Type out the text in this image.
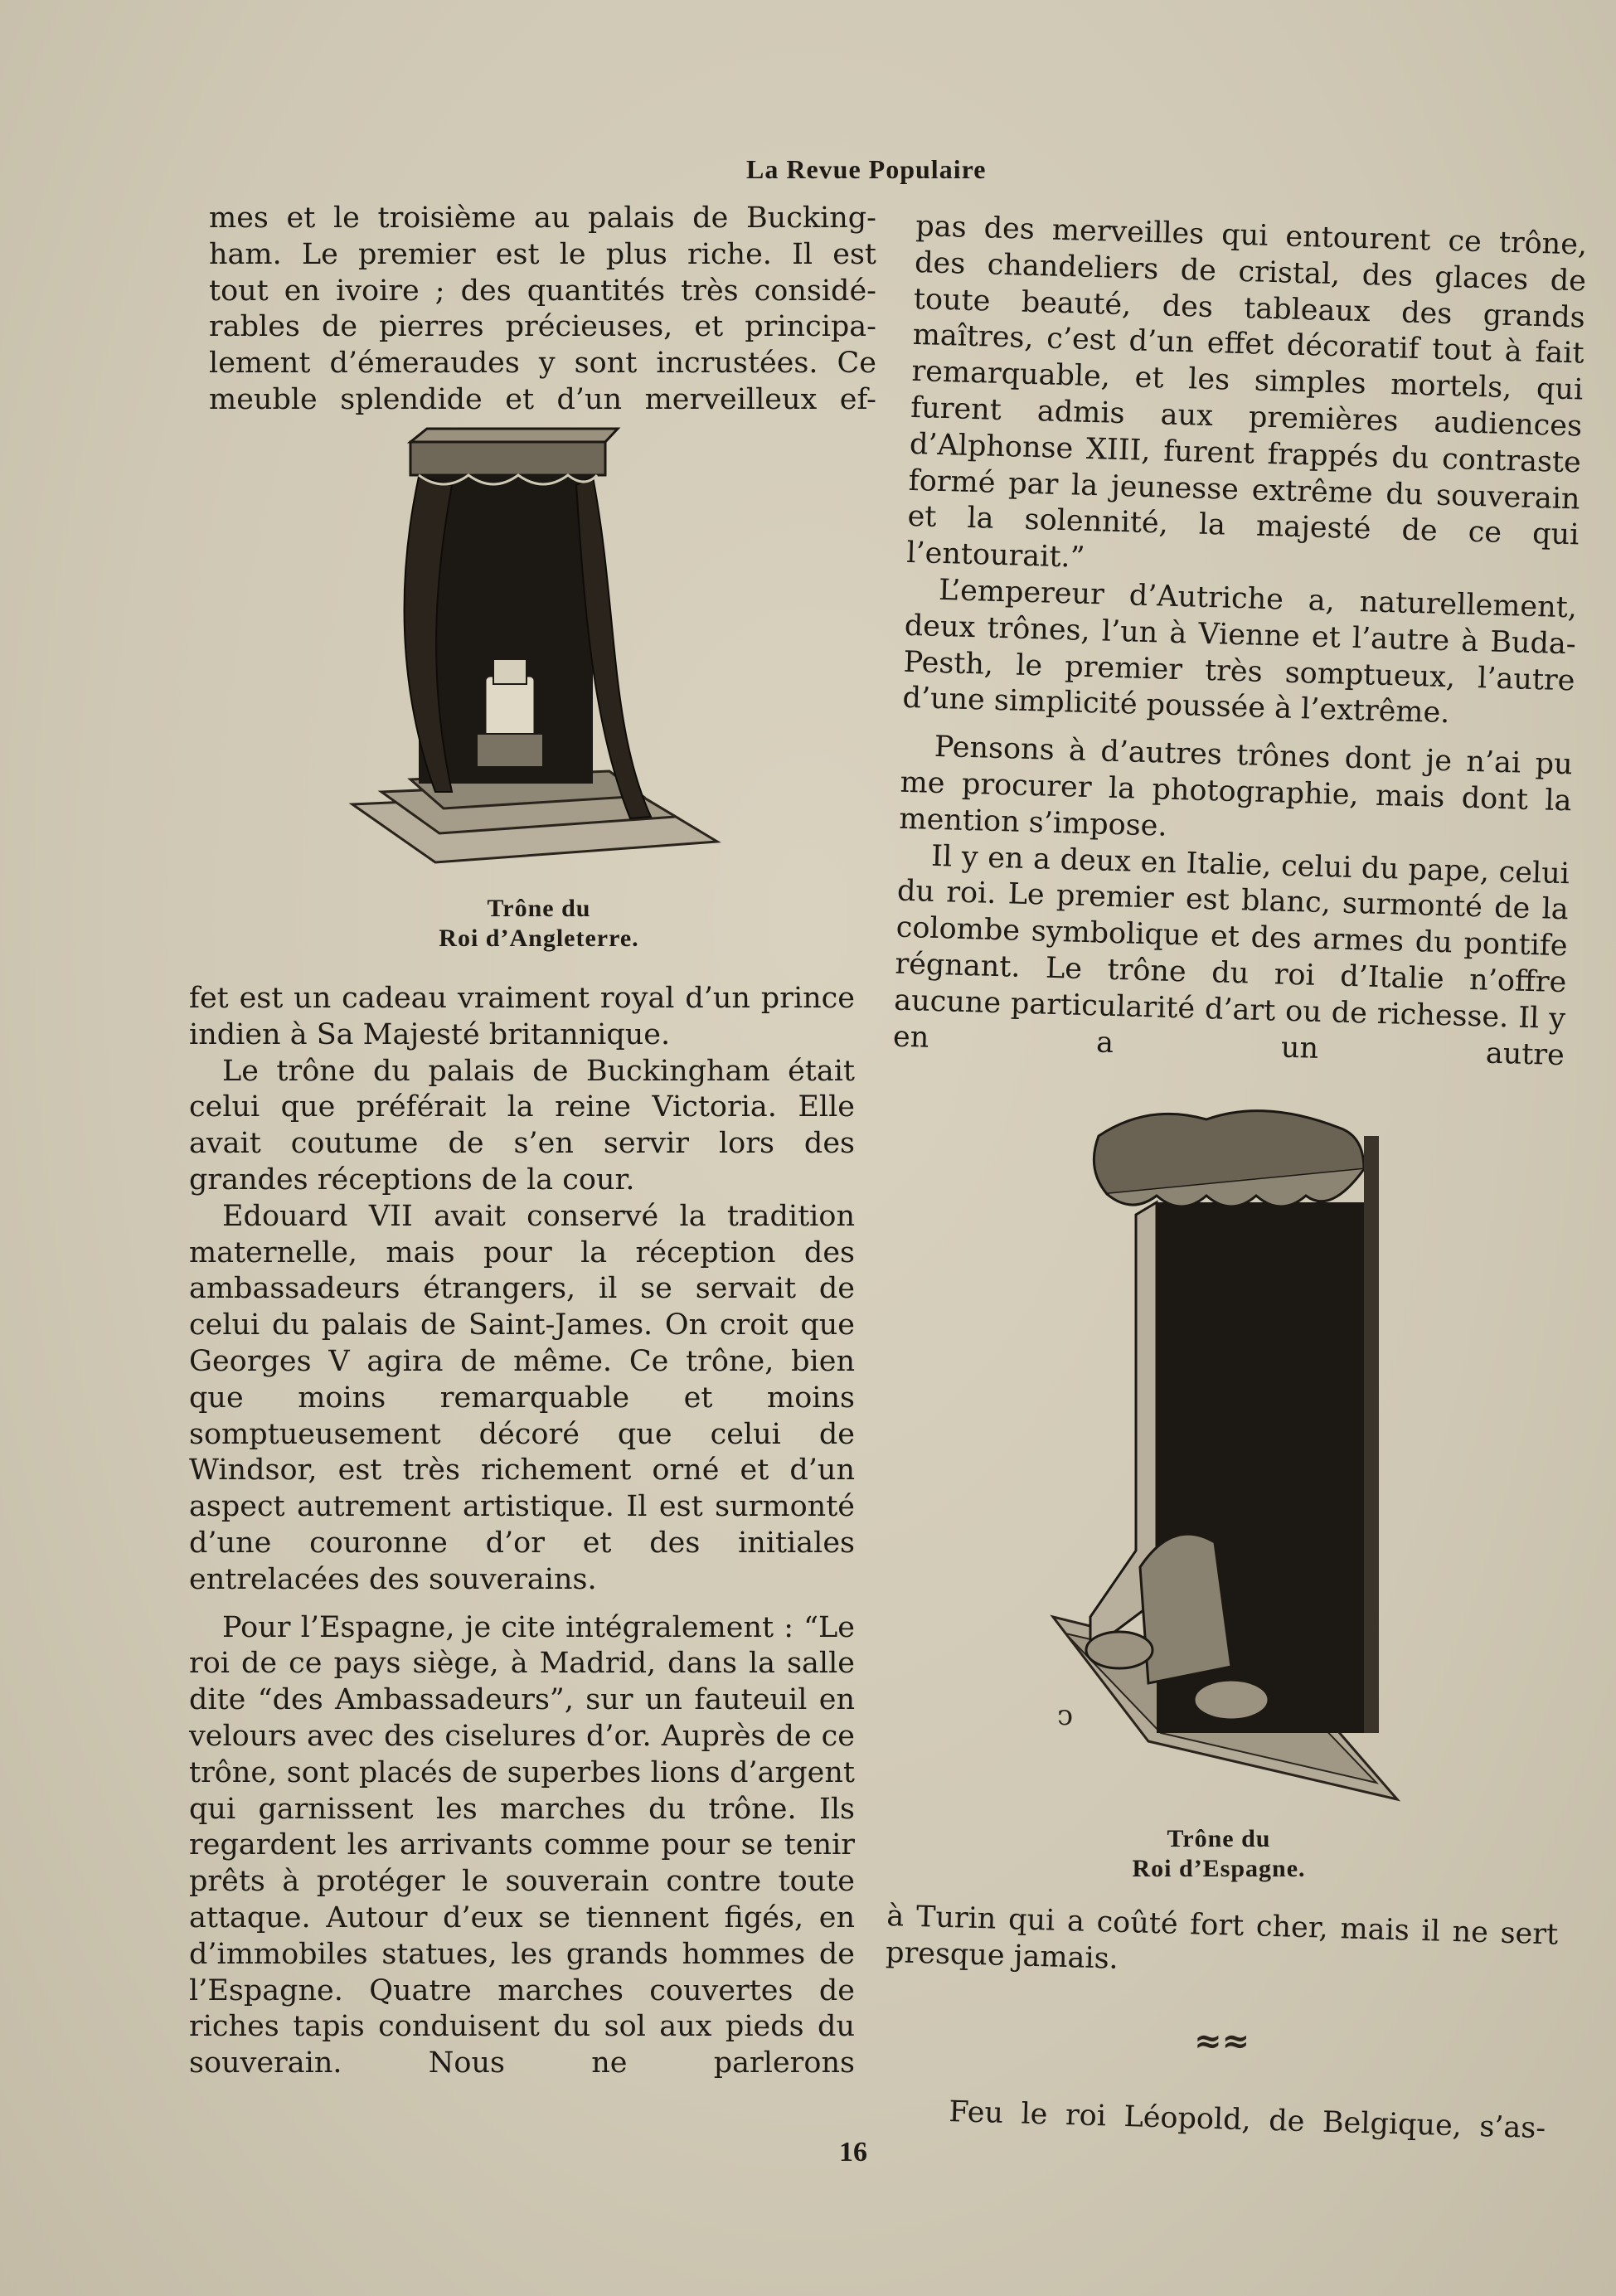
La Revue Populaire

mes et le troisième au palais de Bucking-

ham. Le premier est le plus riche. Il est

tout en ivoire ; des quantités très considé-

rables de pierres précieuses, et principa-

lement d’émeraudes y sont incrustées. Ce

meuble splendide et d’un merveilleux ef-

Trône du
Roi d’Angleterre.

fet est un cadeau vraiment royal d’un prince indien à Sa Majesté britannique.

Le trône du palais de Buckingham était celui que préférait la reine Victoria. Elle avait coutume de s’en servir lors des grandes réceptions de la cour.

Edouard VII avait conservé la tradition maternelle, mais pour la réception des ambassadeurs étrangers, il se servait de celui du palais de Saint-James. On croit que Georges V agira de même. Ce trône, bien que moins remarquable et moins somptueusement décoré que celui de Windsor, est très richement orné et d’un aspect autrement artistique. Il est surmonté d’une couronne d’or et des initiales entrelacées des souverains.

Pour l’Espagne, je cite intégralement : “Le roi de ce pays siège, à Madrid, dans la salle dite “des Ambassadeurs”, sur un fauteuil en velours avec des ciselures d’or. Auprès de ce trône, sont placés de superbes lions d’argent qui garnissent les marches du trône. Ils regardent les arrivants comme pour se tenir prêts à protéger le souverain contre toute attaque. Autour d’eux se tiennent figés, en d’immobiles statues, les grands hommes de l’Espagne. Quatre marches couvertes de riches tapis conduisent du sol aux pieds du souverain. Nous ne parlerons

pas des merveilles qui entourent ce trône, des chandeliers de cristal, des glaces de toute beauté, des tableaux des grands maîtres, c’est d’un effet décoratif tout à fait remarquable, et les simples mortels, qui furent admis aux premières audiences d’Alphonse XIII, furent frappés du contraste formé par la jeunesse extrême du souverain et la solennité, la majesté de ce qui l’entourait.”

L’empereur d’Autriche a, naturellement, deux trônes, l’un à Vienne et l’autre à Buda-Pesth, le premier très somptueux, l’autre d’une simplicité poussée à l’extrême.

Pensons à d’autres trônes dont je n’ai pu me procurer la photographie, mais dont la mention s’impose.

Il y en a deux en Italie, celui du pape, celui du roi. Le premier est blanc, surmonté de la colombe symbolique et des armes du pontife régnant. Le trône du roi d’Italie n’offre aucune particularité d’art ou de richesse. Il y en a un autre

ↄ
Trône du
Roi d’Espagne.

à Turin qui a coûté fort cher, mais il ne sert presque jamais.

≈≈

Feu le roi Léopold, de Belgique, s’as-

16
